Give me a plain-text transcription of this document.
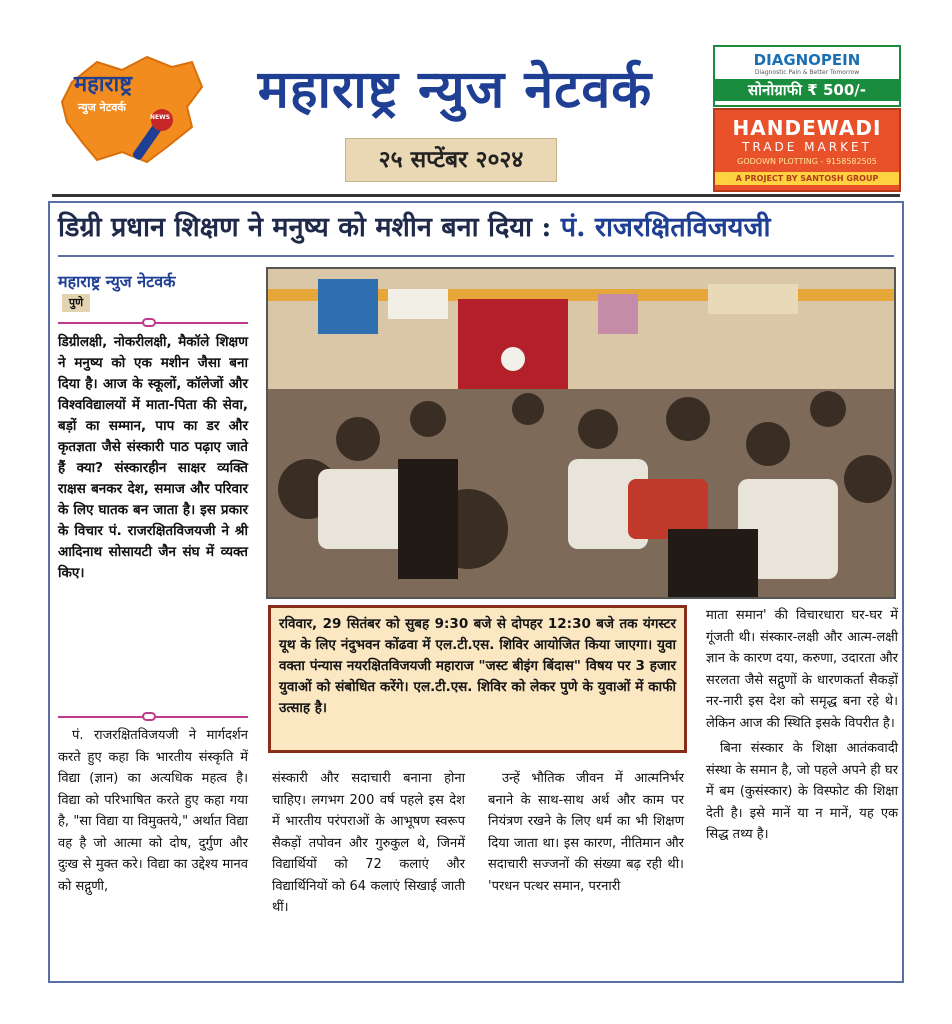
महाराष्ट्र
न्युज नेटवर्क
NEWS	महाराष्ट्र न्युज नेटवर्क
२५ सप्टेंबर २०२४
DIAGNOPEIN
Diagnostic Pain & Better Tomorrow
सोनोग्राफी ₹ 500/-
HANDEWADI
TRADE MARKET
GODOWN PLOTTING - 9158582505
A PROJECT BY SANTOSH GROUP
डिग्री प्रधान शिक्षण ने मनुष्य को मशीन बना दिया : पं. राजरक्षितविजयजी
महाराष्ट्र न्युज नेटवर्क
पुणे
डिग्रीलक्षी, नोकरीलक्षी, मैकॉले शिक्षण ने मनुष्य को एक मशीन जैसा बना दिया है। आज के स्कूलों, कॉलेजों और विश्वविद्यालयों में माता-पिता की सेवा, बड़ों का सम्मान, पाप का डर और कृतज्ञता जैसे संस्कारी पाठ पढ़ाए जाते हैं क्या? संस्कारहीन साक्षर व्यक्ति राक्षस बनकर देश, समाज और परिवार के लिए घातक बन जाता है। इस प्रकार के विचार पं. राजरक्षितविजयजी ने श्री आदिनाथ सोसायटी जैन संघ में व्यक्त किए।
पं. राजरक्षितविजयजी ने मार्गदर्शन करते हुए कहा कि भारतीय संस्कृति में विद्या (ज्ञान) का अत्यधिक महत्व है। विद्या को परिभाषित करते हुए कहा गया है, "सा विद्या या विमुक्तये," अर्थात विद्या वह है जो आत्मा को दोष, दुर्गुण और दुःख से मुक्त करे। विद्या का उद्देश्य मानव को सद्गुणी,
रविवार, 29 सितंबर को सुबह 9:30 बजे से दोपहर 12:30 बजे तक यंगस्टर यूथ के लिए नंदुभवन कोंढवा में एल.टी.एस. शिविर आयोजित किया जाएगा। युवा वक्ता पंन्यास नयरक्षितविजयजी महाराज "जस्ट बीइंग बिंदास" विषय पर 3 हजार युवाओं को संबोधित करेंगे। एल.टी.एस. शिविर को लेकर पुणे के युवाओं में काफी उत्साह है।
संस्कारी और सदाचारी बनाना होना चाहिए। लगभग 200 वर्ष पहले इस देश में भारतीय परंपराओं के आभूषण स्वरूप सैकड़ों तपोवन और गुरुकुल थे, जिनमें विद्यार्थियों को 72 कलाएं और विद्यार्थिनियों को 64 कलाएं सिखाई जाती थीं।
उन्हें भौतिक जीवन में आत्मनिर्भर बनाने के साथ-साथ अर्थ और काम पर नियंत्रण रखने के लिए धर्म का भी शिक्षण दिया जाता था। इस कारण, नीतिमान और सदाचारी सज्जनों की संख्या बढ़ रही थी। 'परधन पत्थर समान, परनारी

माता समान' की विचारधारा घर-घर में गूंजती थी। संस्कार-लक्षी और आत्म-लक्षी ज्ञान के कारण दया, करुणा, उदारता और सरलता जैसे सद्गुणों के धारणकर्ता सैकड़ों नर-नारी इस देश को समृद्ध बना रहे थे। लेकिन आज की स्थिति इसके विपरीत है।

बिना संस्कार के शिक्षा आतंकवादी संस्था के समान है, जो पहले अपने ही घर में बम (कुसंस्कार) के विस्फोट की शिक्षा देती है। इसे मानें या न मानें, यह एक सिद्ध तथ्य है।
